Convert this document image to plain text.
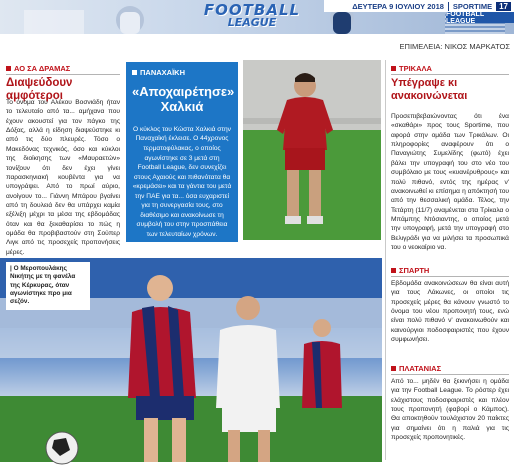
FOOTBALL
LEAGUE
ΔΕΥΤΕΡΑ 9 ΙΟΥΛΙΟΥ 2018	SPORTIME 17
FOOTBALL LEAGUE
ΕΠΙΜΕΛΕΙΑ: ΝΙΚΟΣ ΜΑΡΚΑΤΟΣ
ΑΟ ΣΑ ΔΡΑΜΑΣ
Διαψεύδουν αμφότεροι
Το όνομα του Αλέκου Βοσνιάδη ήταν το τελευταίο από τα... αμήχανα που έχουν ακουστεί για τον πάγκο της Δόξας, αλλά η είδηση διαψεύστηκε κι από τις δύο πλευρές. Τόσο ο Μακεδόνας τεχνικός, όσο και κύκλοι της διοίκησης των «Μαυραετών» τονίζουν ότι δεν έχει γίνει παρασκηνιακή κουβέντα για να υπογράψει. Από το πρωί αύριο, ανοίγουν το... Γιάννη Μπάρου βγαίνει από τη δουλειά δεν θα υπάρχει καμία εξέλιξη μέχρι τα μέσα της εβδομάδας όταν και θα ξεκαθαρίσει το πώς η ομάδα θα προβιβαστούν στη Σούπερ Λιγκ από τις προσεχείς προπονήσεις μέρες.
ΠΑΝΑΧΑΪΚΗ
«Αποχαιρέτησε» Χαλκιά
Ο κύκλος του Κώστα Χαλκιά στην Παναχαϊκή έκλεισε. Ο 44χρονος τερματοφύλακας, ο οποίος αγωνίστηκε σε 3 μετά στη Football League, δεν συνεχίζει στους Αχαιούς και πιθανότατα θα «κρεμάσει» και τα γάντια του μετά την ΠΑΕ για τα... όσα ευχαριστεί για τη συνεργασία τους, στο διαθέσιμο και ανακοίνωσε τη συμβολή του στην προσπάθεια των τελευταίων χρόνων.
ΤΡΙΚΑΛΑ
Υπέγραψε κι ανακοινώνεται
Προσεπιβεβαιώνοντας ότι ένα «σκαθάρι» προς τους Sportime, που αφορά στην ομάδα των Τρικάλων. Οι πληροφορίες αναφέρουν ότι ο Παναγιώτης Συμελίδης (φωτό) έχει βάλει την υπογραφή του στο νέο του συμβόλαιο με τους «κυανέρυθρους» και πολύ πιθανό, εντός της ημέρας ν' ανακοινωθεί κι επίσημα η απόκτησή του από την θεσσαλική ομάδα. Τέλος, την Τετάρτη (11/7) αναμένεται στα Τρίκαλα ο Μπάμπης Ντόσιαντης, ο οποίος μετά την υπογραφή, μετά την υπογραφή στο Βελιγράδι για να μιλήσει τα προσωπικά του ο νεοκαίριο να.
| Ο Μεροπουλάκης Νικήτης με τη φανέλα της Κέρκυρας, όταν αγωνίστηκε προ μια σεζόν.
ΣΠΑΡΤΗ
Εβδομάδα ανακοινώσεων θα είναι αυτή για τους Λάκωνες, οι οποίοι τις προσεχείς μέρες θα κάνουν γνωστό το όνομα του νέου προπονητή τους, ενώ είναι πολύ πιθανό ν' ανακοινωθούν και καινούργιοι ποδοσφαιριστές που έχουν συμφωνήσει.
ΠΛΑΤΑΝΙΑΣ
Από το... μηδέν θα ξεκινήσει η ομάδα για την Football League. Το ρόστερ έχει ελάχιστους ποδοσφαιριστές και πλέον τους προπονητή (φαβορί ο Κάμπος). Θα αποκτηθούν τουλάχιστον 20 παίκτες για σημαίνει ότι η παλιά για τις προσεχείς προπονητικές.
